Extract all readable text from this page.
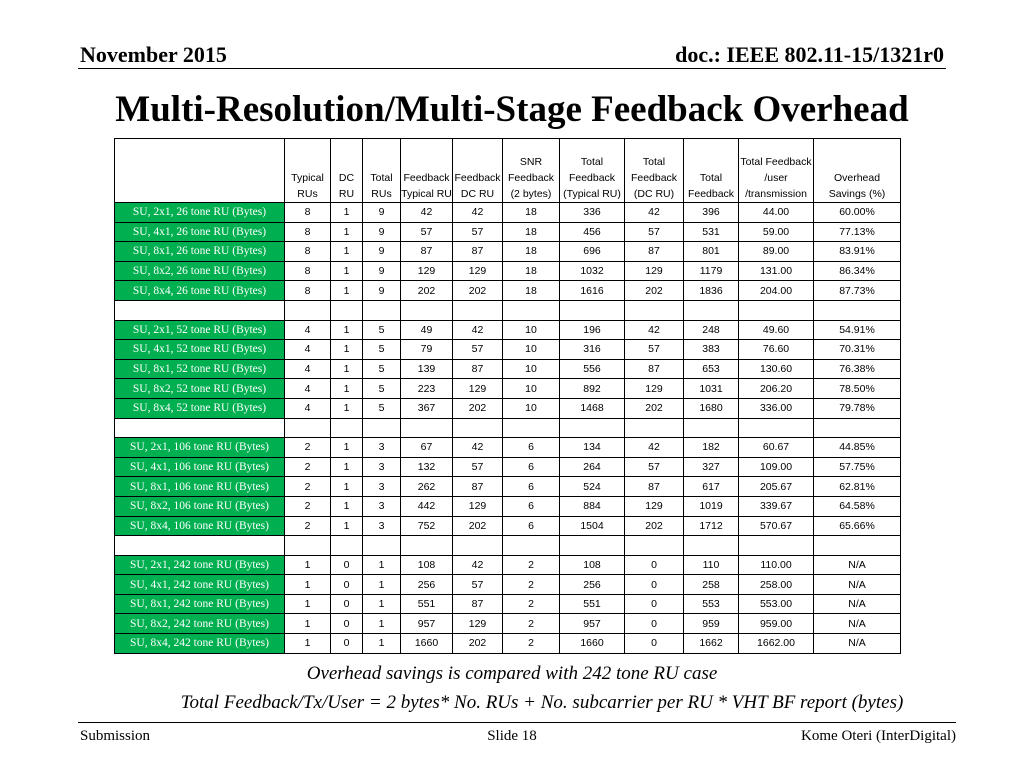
November 2015	doc.: IEEE 802.11-15/1321r0
Multi-Resolution/Multi-Stage Feedback Overhead
	Typical RUs	DC RU	Total RUs	Feedback Typical RU	Feedback DC RU	SNR Feedback (2 bytes)	Total Feedback (Typical RU)	Total Feedback (DC RU)	Total Feedback	Total Feedback /user /transmission	Overhead Savings (%)
SU, 2x1, 26 tone RU (Bytes)	8	1	9	42	42	18	336	42	396	44.00	60.00%
SU, 4x1, 26 tone RU (Bytes)	8	1	9	57	57	18	456	57	531	59.00	77.13%
SU, 8x1, 26 tone RU (Bytes)	8	1	9	87	87	18	696	87	801	89.00	83.91%
SU, 8x2, 26 tone RU (Bytes)	8	1	9	129	129	18	1032	129	1179	131.00	86.34%
SU, 8x4, 26 tone RU (Bytes)	8	1	9	202	202	18	1616	202	1836	204.00	87.73%

SU, 2x1, 52 tone RU (Bytes)	4	1	5	49	42	10	196	42	248	49.60	54.91%
SU, 4x1, 52 tone RU (Bytes)	4	1	5	79	57	10	316	57	383	76.60	70.31%
SU, 8x1, 52 tone RU (Bytes)	4	1	5	139	87	10	556	87	653	130.60	76.38%
SU, 8x2, 52 tone RU (Bytes)	4	1	5	223	129	10	892	129	1031	206.20	78.50%
SU, 8x4, 52 tone RU (Bytes)	4	1	5	367	202	10	1468	202	1680	336.00	79.78%

SU, 2x1, 106 tone RU (Bytes)	2	1	3	67	42	6	134	42	182	60.67	44.85%
SU, 4x1, 106 tone RU (Bytes)	2	1	3	132	57	6	264	57	327	109.00	57.75%
SU, 8x1, 106 tone RU (Bytes)	2	1	3	262	87	6	524	87	617	205.67	62.81%
SU, 8x2, 106 tone RU (Bytes)	2	1	3	442	129	6	884	129	1019	339.67	64.58%
SU, 8x4, 106 tone RU (Bytes)	2	1	3	752	202	6	1504	202	1712	570.67	65.66%

SU, 2x1, 242 tone RU (Bytes)	1	0	1	108	42	2	108	0	110	110.00	N/A
SU, 4x1, 242 tone RU (Bytes)	1	0	1	256	57	2	256	0	258	258.00	N/A
SU, 8x1, 242 tone RU (Bytes)	1	0	1	551	87	2	551	0	553	553.00	N/A
SU, 8x2, 242 tone RU (Bytes)	1	0	1	957	129	2	957	0	959	959.00	N/A
SU, 8x4, 242 tone RU (Bytes)	1	0	1	1660	202	2	1660	0	1662	1662.00	N/A
Overhead savings is compared with 242 tone RU case
Total Feedback/Tx/User = 2 bytes* No. RUs + No. subcarrier per RU * VHT BF report (bytes)
Submission	Slide 18	Kome Oteri (InterDigital)
